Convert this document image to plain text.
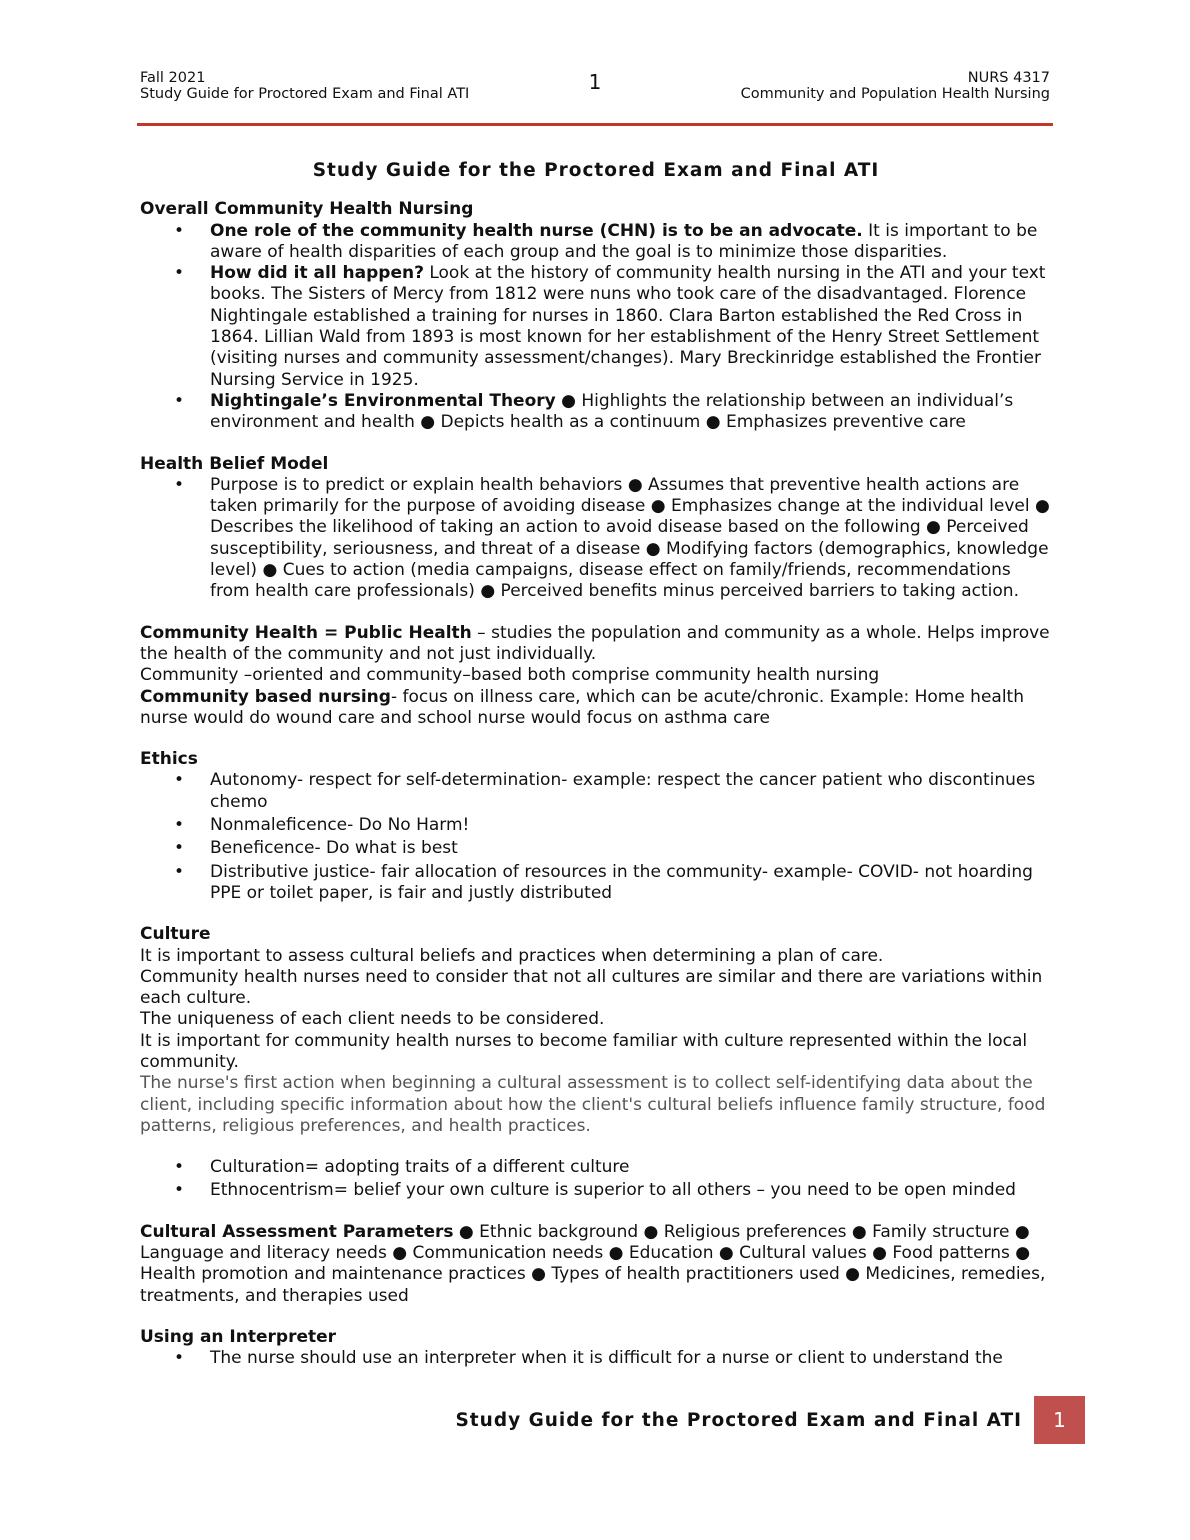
Fall 2021
Study Guide for Proctored Exam and Final ATI	1	NURS 4317
Community and Population Health Nursing
Study Guide for the Proctored Exam and Final ATI
Overall Community Health Nursing
• One role of the community health nurse (CHN) is to be an advocate. It is important to be aware of health disparities of each group and the goal is to minimize those disparities.
• How did it all happen? Look at the history of community health nursing in the ATI and your text books. The Sisters of Mercy from 1812 were nuns who took care of the disadvantaged. Florence Nightingale established a training for nurses in 1860. Clara Barton established the Red Cross in 1864. Lillian Wald from 1893 is most known for her establishment of the Henry Street Settlement (visiting nurses and community assessment/changes). Mary Breckinridge established the Frontier Nursing Service in 1925.
• Nightingale’s Environmental Theory ● Highlights the relationship between an individual’s environment and health ● Depicts health as a continuum ● Emphasizes preventive care
Health Belief Model
• Purpose is to predict or explain health behaviors ● Assumes that preventive health actions are taken primarily for the purpose of avoiding disease ● Emphasizes change at the individual level ● Describes the likelihood of taking an action to avoid disease based on the following ● Perceived susceptibility, seriousness, and threat of a disease ● Modifying factors (demographics, knowledge level) ● Cues to action (media campaigns, disease effect on family/friends, recommendations from health care professionals) ● Perceived benefits minus perceived barriers to taking action.
Community Health = Public Health – studies the population and community as a whole. Helps improve the health of the community and not just individually.
Community –oriented and community–based both comprise community health nursing
Community based nursing- focus on illness care, which can be acute/chronic. Example: Home health nurse would do wound care and school nurse would focus on asthma care
Ethics
• Autonomy- respect for self-determination- example: respect the cancer patient who discontinues chemo
• Nonmaleficence- Do No Harm!
• Beneficence- Do what is best
• Distributive justice- fair allocation of resources in the community- example- COVID- not hoarding PPE or toilet paper, is fair and justly distributed
Culture
It is important to assess cultural beliefs and practices when determining a plan of care.
Community health nurses need to consider that not all cultures are similar and there are variations within each culture.
The uniqueness of each client needs to be considered.
It is important for community health nurses to become familiar with culture represented within the local community.
The nurse's first action when beginning a cultural assessment is to collect self-identifying data about the client, including specific information about how the client's cultural beliefs influence family structure, food patterns, religious preferences, and health practices.
• Culturation= adopting traits of a different culture
• Ethnocentrism= belief your own culture is superior to all others – you need to be open minded
Cultural Assessment Parameters ● Ethnic background ● Religious preferences ● Family structure ● Language and literacy needs ● Communication needs ● Education ● Cultural values ● Food patterns ● Health promotion and maintenance practices ● Types of health practitioners used ● Medicines, remedies, treatments, and therapies used
Using an Interpreter
• The nurse should use an interpreter when it is difficult for a nurse or client to understand the
Study Guide for the Proctored Exam and Final ATI	1
